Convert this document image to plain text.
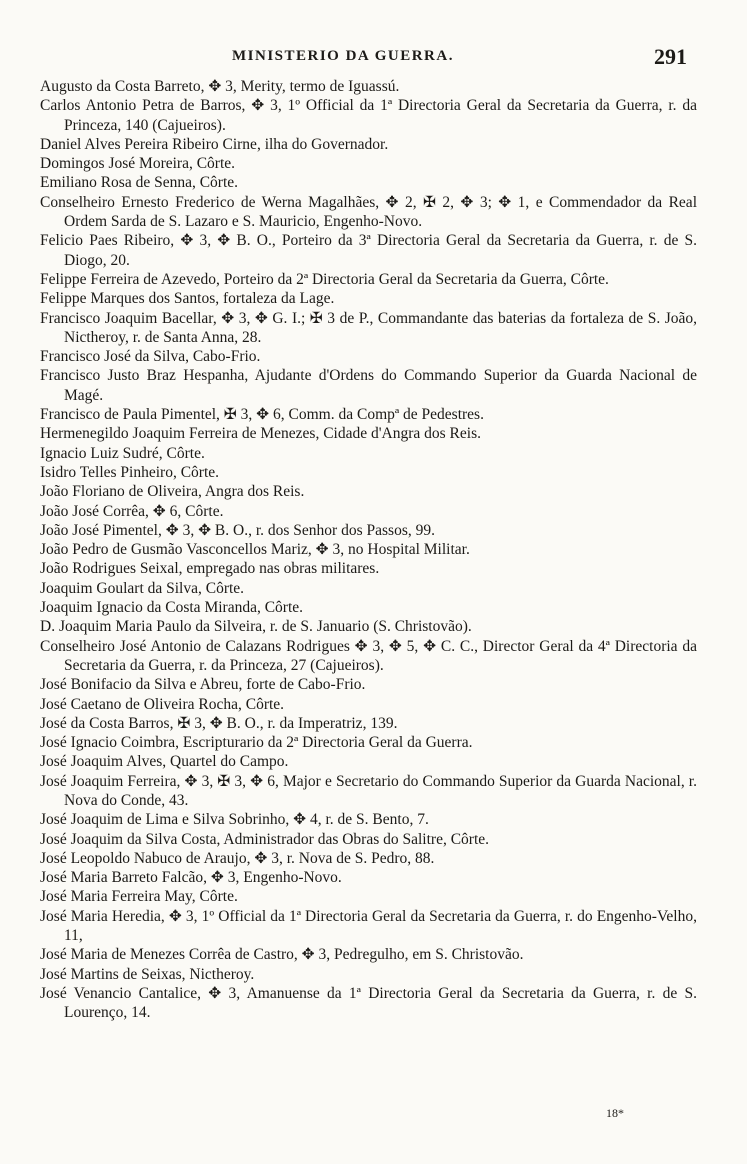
MINISTERIO DA GUERRA.	291

Augusto da Costa Barreto, ✥ 3, Merity, termo de Iguassú.

Carlos Antonio Petra de Barros, ✥ 3, 1º Official da 1ª Directoria Geral da Secretaria da Guerra, r. da Princeza, 140 (Cajueiros).

Daniel Alves Pereira Ribeiro Cirne, ilha do Governador.

Domingos José Moreira, Côrte.

Emiliano Rosa de Senna, Côrte.

Conselheiro Ernesto Frederico de Werna Magalhães, ✥ 2, ✠ 2, ✥ 3; ✥ 1, e Commendador da Real Ordem Sarda de S. Lazaro e S. Mauricio, Engenho-Novo.

Felicio Paes Ribeiro, ✥ 3, ✥ B. O., Porteiro da 3ª Directoria Geral da Secretaria da Guerra, r. de S. Diogo, 20.

Felippe Ferreira de Azevedo, Porteiro da 2ª Directoria Geral da Secretaria da Guerra, Côrte.

Felippe Marques dos Santos, fortaleza da Lage.

Francisco Joaquim Bacellar, ✥ 3, ✥ G. I.; ✠ 3 de P., Commandante das baterias da fortaleza de S. João, Nictheroy, r. de Santa Anna, 28.

Francisco José da Silva, Cabo-Frio.

Francisco Justo Braz Hespanha, Ajudante d'Ordens do Commando Superior da Guarda Nacional de Magé.

Francisco de Paula Pimentel, ✠ 3, ✥ 6, Comm. da Compª de Pedestres.

Hermenegildo Joaquim Ferreira de Menezes, Cidade d'Angra dos Reis.

Ignacio Luiz Sudré, Côrte.

Isidro Telles Pinheiro, Côrte.

João Floriano de Oliveira, Angra dos Reis.

João José Corrêa, ✥ 6, Côrte.

João José Pimentel, ✥ 3, ✥ B. O., r. dos Senhor dos Passos, 99.

João Pedro de Gusmão Vasconcellos Mariz, ✥ 3, no Hospital Militar.

João Rodrigues Seixal, empregado nas obras militares.

Joaquim Goulart da Silva, Côrte.

Joaquim Ignacio da Costa Miranda, Côrte.

D. Joaquim Maria Paulo da Silveira, r. de S. Januario (S. Christovão).

Conselheiro José Antonio de Calazans Rodrigues ✥ 3, ✥ 5, ✥ C. C., Director Geral da 4ª Directoria da Secretaria da Guerra, r. da Princeza, 27 (Cajueiros).

José Bonifacio da Silva e Abreu, forte de Cabo-Frio.

José Caetano de Oliveira Rocha, Côrte.

José da Costa Barros, ✠ 3, ✥ B. O., r. da Imperatriz, 139.

José Ignacio Coimbra, Escripturario da 2ª Directoria Geral da Guerra.

José Joaquim Alves, Quartel do Campo.

José Joaquim Ferreira, ✥ 3, ✠ 3, ✥ 6, Major e Secretario do Commando Superior da Guarda Nacional, r. Nova do Conde, 43.

José Joaquim de Lima e Silva Sobrinho, ✥ 4, r. de S. Bento, 7.

José Joaquim da Silva Costa, Administrador das Obras do Salitre, Côrte.

José Leopoldo Nabuco de Araujo, ✥ 3, r. Nova de S. Pedro, 88.

José Maria Barreto Falcão, ✥ 3, Engenho-Novo.

José Maria Ferreira May, Côrte.

José Maria Heredia, ✥ 3, 1º Official da 1ª Directoria Geral da Secretaria da Guerra, r. do Engenho-Velho, 11,

José Maria de Menezes Corrêa de Castro, ✥ 3, Pedregulho, em S. Christovão.

José Martins de Seixas, Nictheroy.

José Venancio Cantalice, ✥ 3, Amanuense da 1ª Directoria Geral da Secretaria da Guerra, r. de S. Lourenço, 14.

18*
